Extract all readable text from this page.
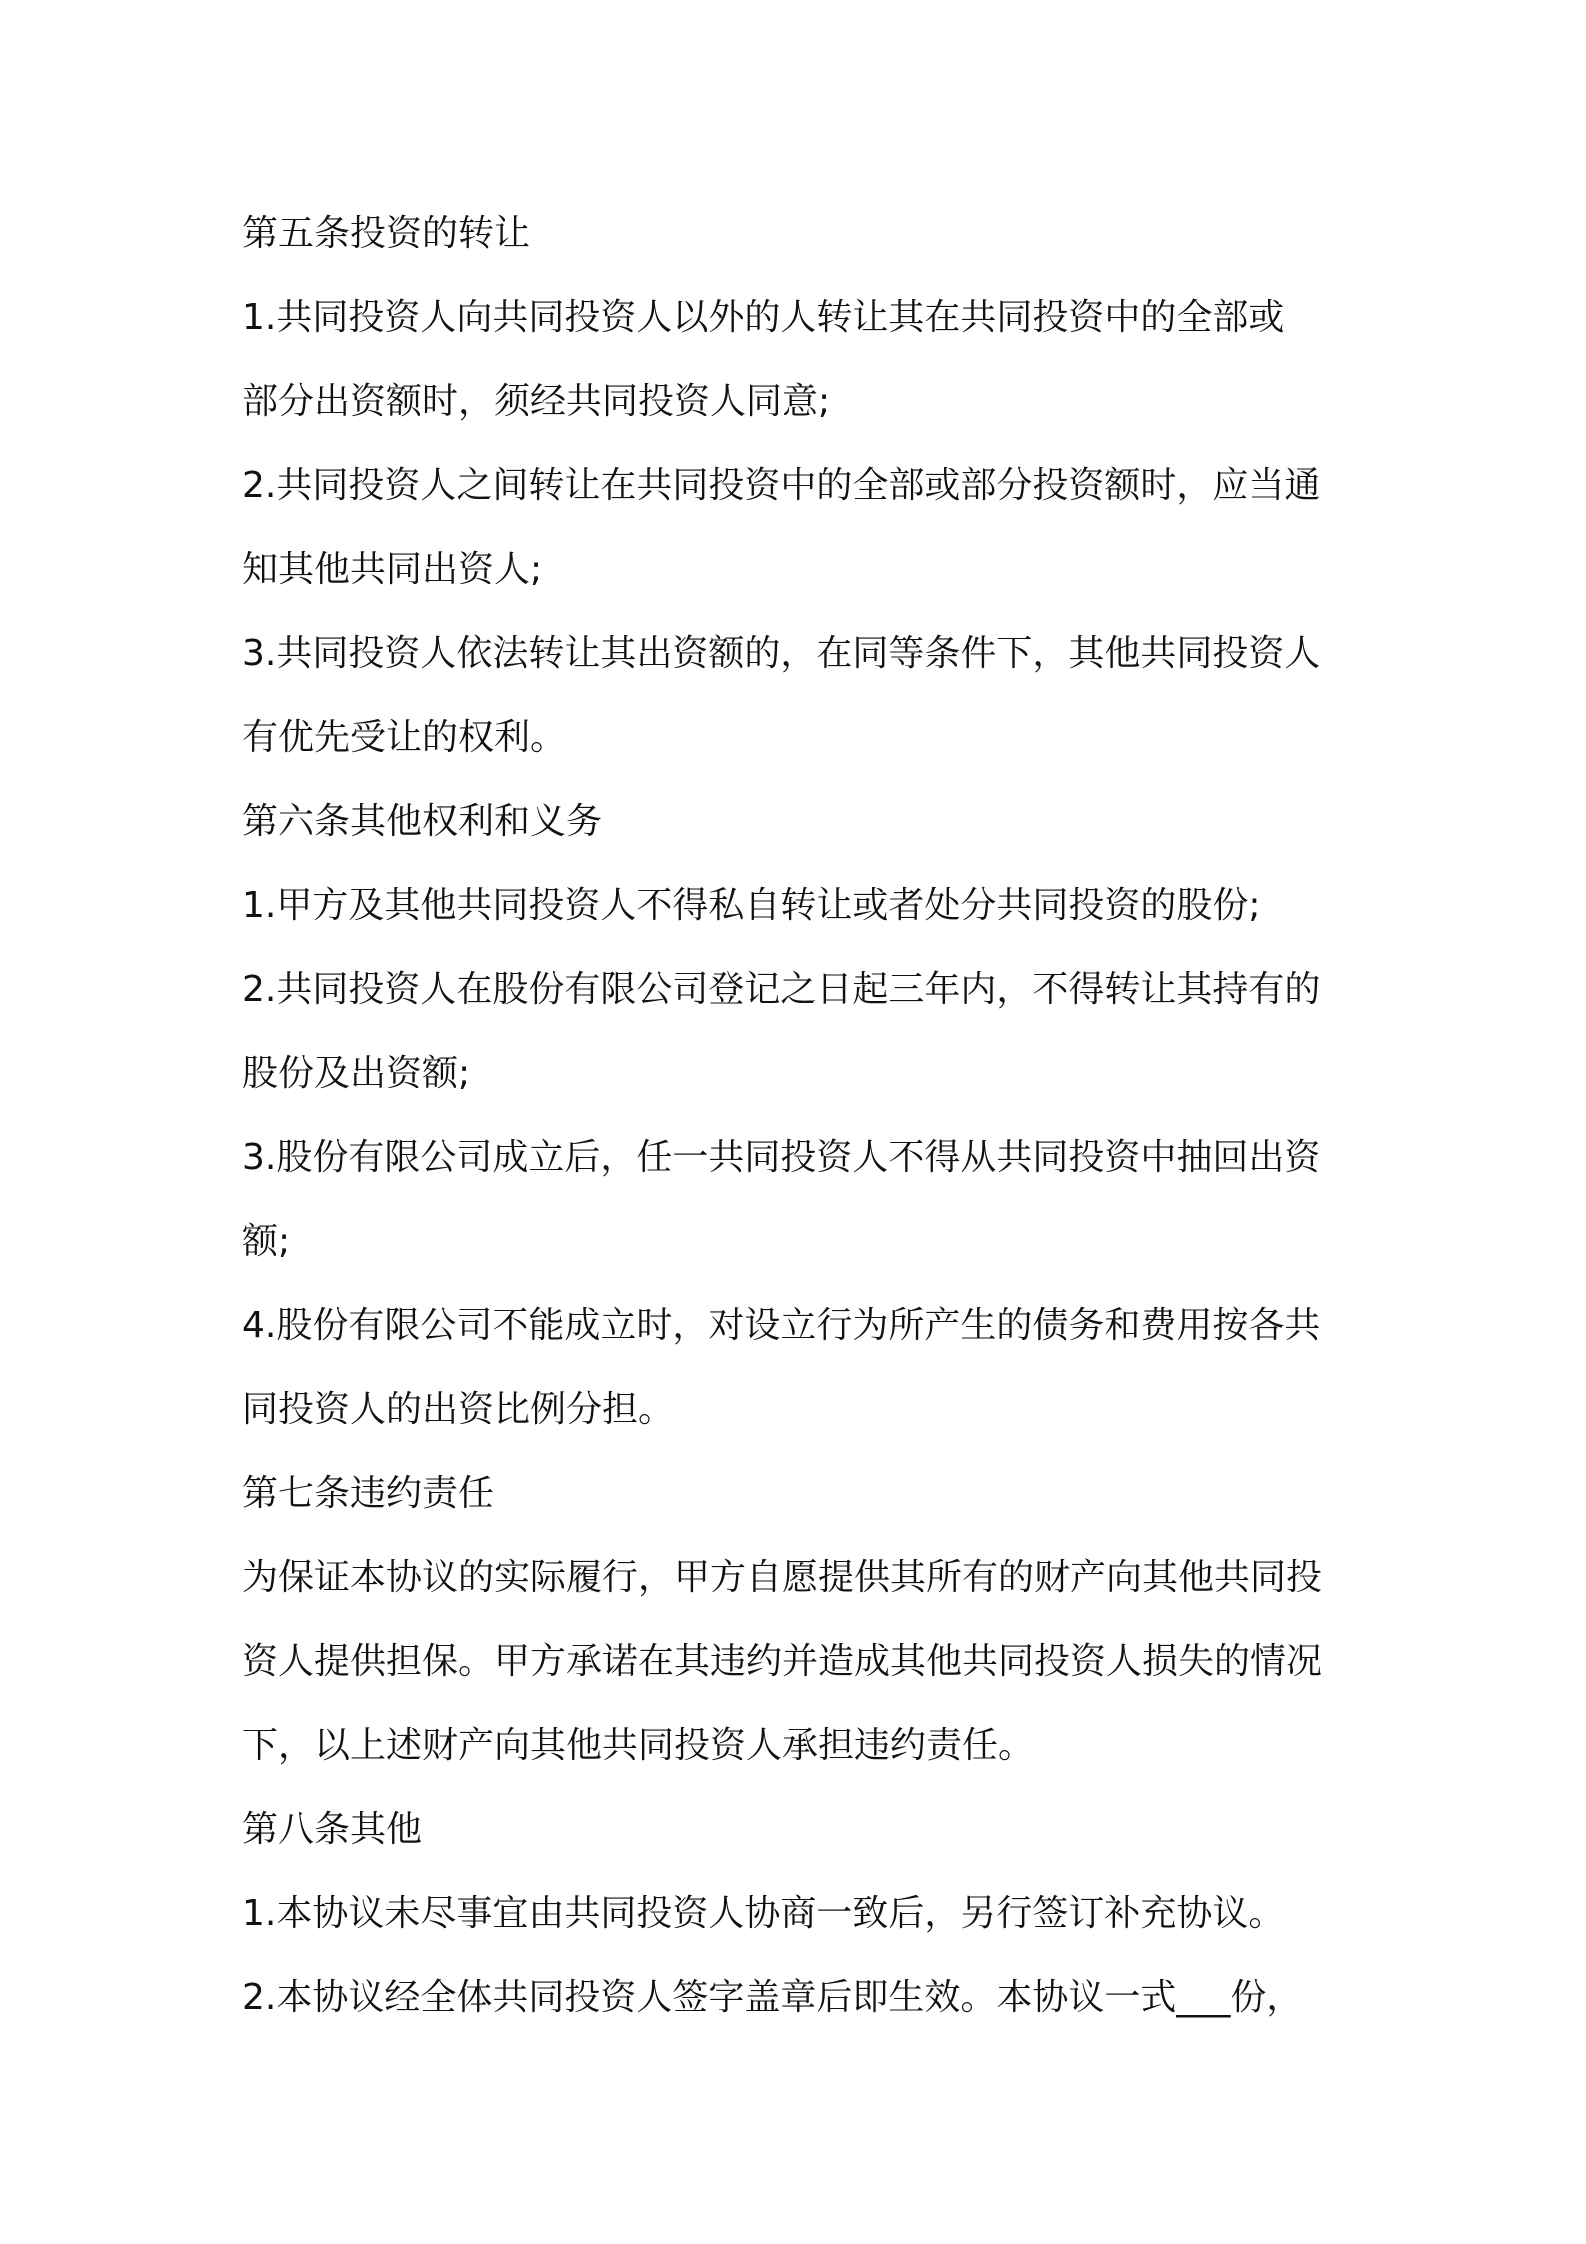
第五条投资的转让
1.共同投资人向共同投资人以外的人转让其在共同投资中的全部或
部分出资额时，须经共同投资人同意;
2.共同投资人之间转让在共同投资中的全部或部分投资额时，应当通
知其他共同出资人;
3.共同投资人依法转让其出资额的，在同等条件下，其他共同投资人
有优先受让的权利。
第六条其他权利和义务
1.甲方及其他共同投资人不得私自转让或者处分共同投资的股份;
2.共同投资人在股份有限公司登记之日起三年内，不得转让其持有的
股份及出资额;
3.股份有限公司成立后，任一共同投资人不得从共同投资中抽回出资
额;
4.股份有限公司不能成立时，对设立行为所产生的债务和费用按各共
同投资人的出资比例分担。
第七条违约责任
为保证本协议的实际履行，甲方自愿提供其所有的财产向其他共同投
资人提供担保。甲方承诺在其违约并造成其他共同投资人损失的情况
下，以上述财产向其他共同投资人承担违约责任。
第八条其他
1.本协议未尽事宜由共同投资人协商一致后，另行签订补充协议。
2.本协议经全体共同投资人签字盖章后即生效。本协议一式___份，
